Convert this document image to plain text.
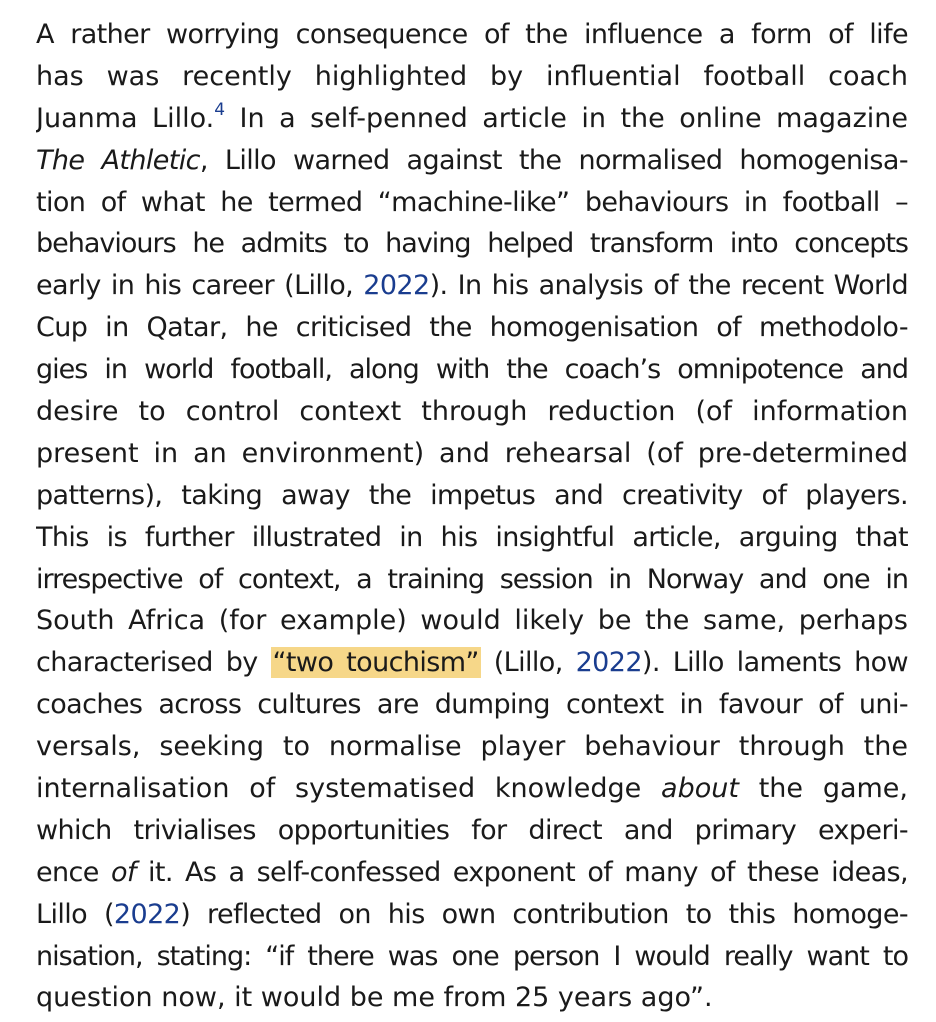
A rather worrying consequence of the influence a form of life
has was recently highlighted by influential football coach
Juanma Lillo.$^4$ In a self-penned article in the online magazine
The Athletic, Lillo warned against the normalised homogenisa-
tion of what he termed “machine-like” behaviours in football –
behaviours he admits to having helped transform into concepts
early in his career (Lillo, 2022). In his analysis of the recent World
Cup in Qatar, he criticised the homogenisation of methodolo-
gies in world football, along with the coach’s omnipotence and
desire to control context through reduction (of information
present in an environment) and rehearsal (of pre-determined
patterns), taking away the impetus and creativity of players.
This is further illustrated in his insightful article, arguing that
irrespective of context, a training session in Norway and one in
South Africa (for example) would likely be the same, perhaps
characterised by “two touchism” (Lillo, 2022). Lillo laments how
coaches across cultures are dumping context in favour of uni-
versals, seeking to normalise player behaviour through the
internalisation of systematised knowledge about the game,
which trivialises opportunities for direct and primary experi-
ence of it. As a self-confessed exponent of many of these ideas,
Lillo (2022) reflected on his own contribution to this homoge-
nisation, stating: “if there was one person I would really want to
question now, it would be me from 25 years ago”.
